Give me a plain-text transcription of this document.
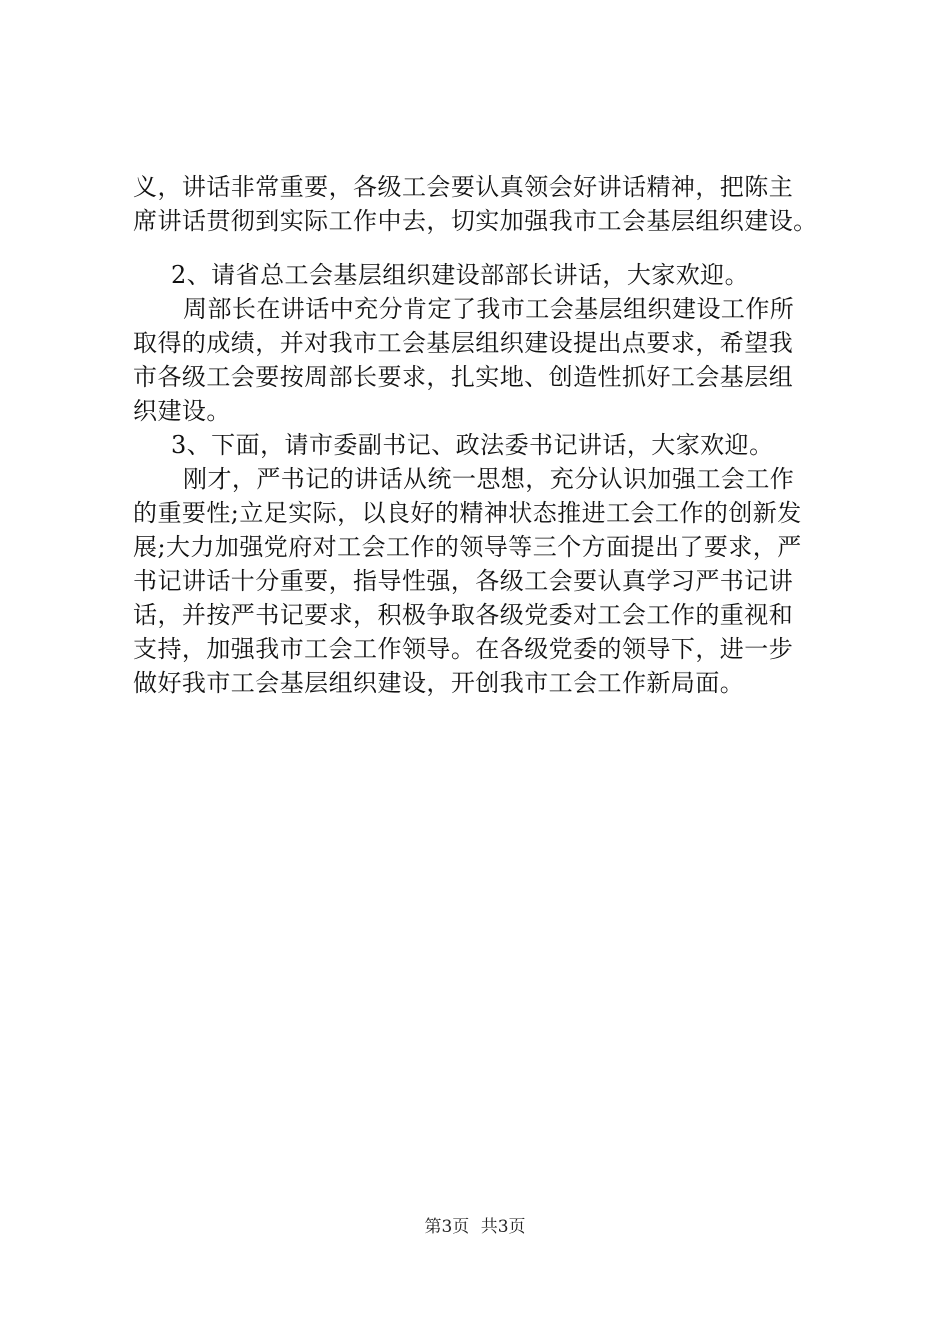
义，讲话非常重要，各级工会要认真领会好讲话精神，把陈主
席讲话贯彻到实际工作中去，切实加强我市工会基层组织建设。
2、请省总工会基层组织建设部部长讲话，大家欢迎。
周部长在讲话中充分肯定了我市工会基层组织建设工作所
取得的成绩，并对我市工会基层组织建设提出点要求，希望我
市各级工会要按周部长要求，扎实地、创造性抓好工会基层组
织建设。
3、下面，请市委副书记、政法委书记讲话，大家欢迎。
刚才，严书记的讲话从统一思想，充分认识加强工会工作
的重要性;立足实际，以良好的精神状态推进工会工作的创新发
展;大力加强党府对工会工作的领导等三个方面提出了要求，严
书记讲话十分重要，指导性强，各级工会要认真学习严书记讲
话，并按严书记要求，积极争取各级党委对工会工作的重视和
支持，加强我市工会工作领导。在各级党委的领导下，进一步
做好我市工会基层组织建设，开创我市工会工作新局面。
第3页 共3页
